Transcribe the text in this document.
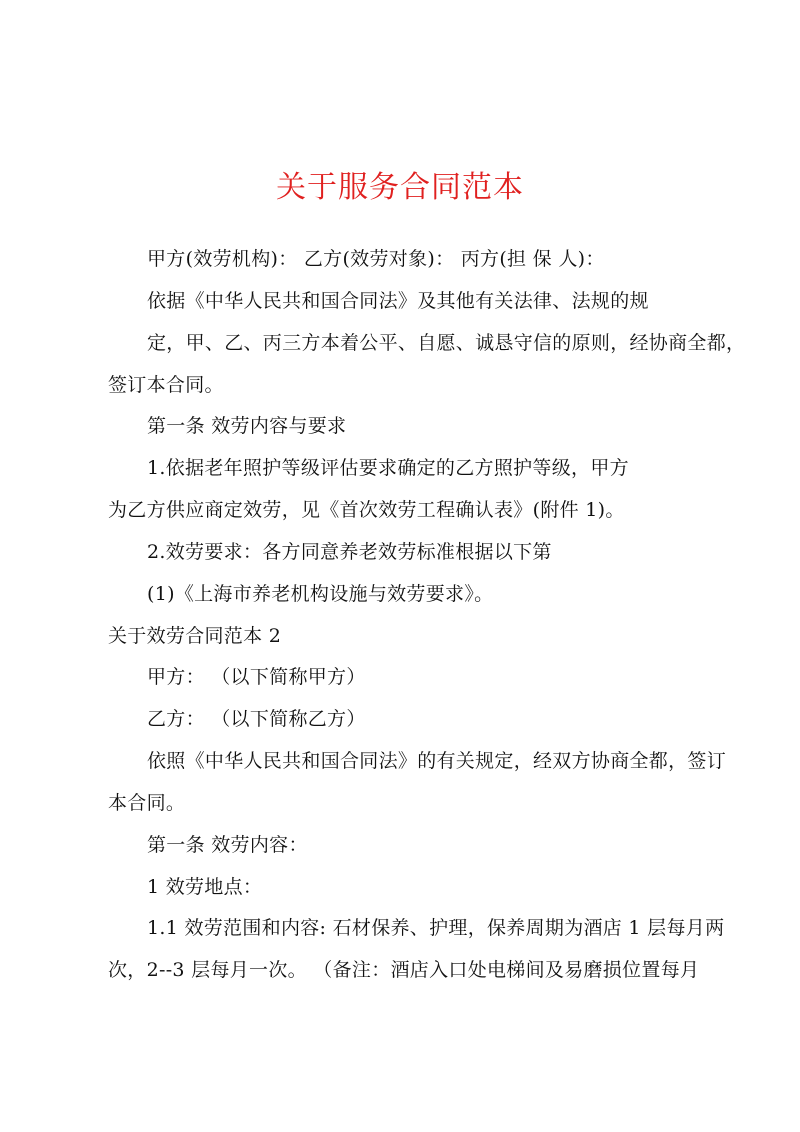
关于服务合同范本
甲方(效劳机构)： 乙方(效劳对象)： 丙方(担 保 人)：
依据《中华人民共和国合同法》及其他有关法律、法规的规
定，甲、乙、丙三方本着公平、自愿、诚恳守信的原则，经协商全都，
签订本合同。
第一条 效劳内容与要求
1.依据老年照护等级评估要求确定的乙方照护等级，甲方
为乙方供应商定效劳，见《首次效劳工程确认表》(附件 1)。
2.效劳要求：各方同意养老效劳标准根据以下第
(1)《上海市养老机构设施与效劳要求》。
关于效劳合同范本 2
甲方： （以下简称甲方）
乙方： （以下简称乙方）
依照《中华人民共和国合同法》的有关规定，经双方协商全都，签订
本合同。
第一条 效劳内容：
1 效劳地点：
1.1 效劳范围和内容: 石材保养、护理，保养周期为酒店 1 层每月两
次，2--3 层每月一次。 （备注：酒店入口处电梯间及易磨损位置每月
